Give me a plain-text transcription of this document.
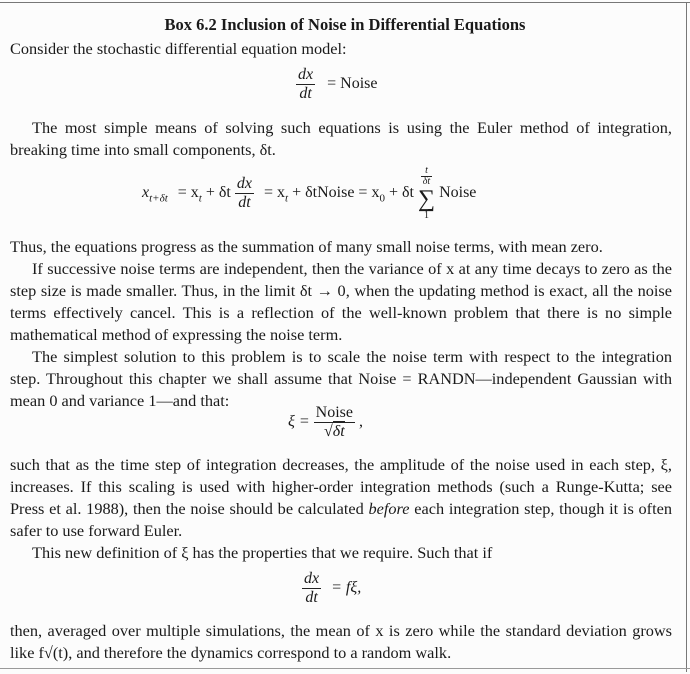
Box 6.2 Inclusion of Noise in Differential Equations
Consider the stochastic differential equation model:
$\frac{dx}{dt}$ = Noise
The most simple means of solving such equations is using the Euler method of integration, breaking time into small components, δt.
$x_{t+\delta t} = x_t + \delta t \frac{dx}{dt} = x_t$ + δtNoise = $x_0 + \delta t$
$\frac{t}{\delta t}$
∑
1
Noise
Thus, the equations progress as the summation of many small noise terms, with mean zero.
If successive noise terms are independent, then the variance of x at any time decays to zero as the step size is made smaller. Thus, in the limit δt → 0, when the updating method is exact, all the noise terms effectively cancel. This is a reflection of the well-known problem that there is no simple mathematical method of expressing the noise term.
The simplest solution to this problem is to scale the noise term with respect to the integration step. Throughout this chapter we shall assume that Noise = RANDN—independent Gaussian with mean 0 and variance 1—and that:
$\xi = \frac{\text{Noise}}{√\delta t}$ ,
such that as the time step of integration decreases, the amplitude of the noise used in each step, ξ, increases. If this scaling is used with higher-order integration methods (such a Runge-Kutta; see Press et al. 1988), then the noise should be calculated before each integration step, though it is often safer to use forward Euler.
This new definition of ξ has the properties that we require. Such that if
$\frac{dx}{dt} = f\xi$,
then, averaged over multiple simulations, the mean of x is zero while the standard deviation grows like f√(t), and therefore the dynamics correspond to a random walk.
